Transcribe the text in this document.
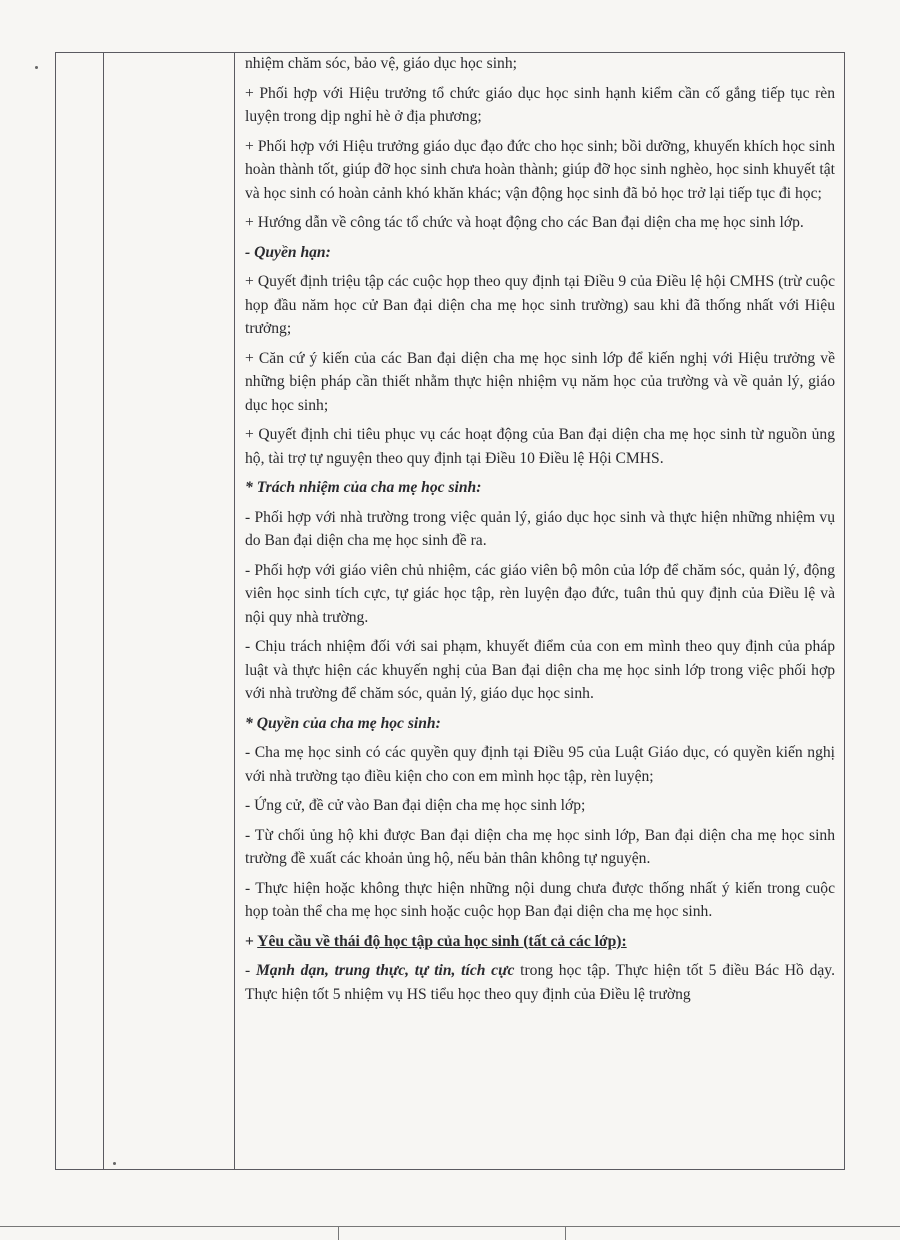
nhiệm chăm sóc, bảo vệ, giáo dục học sinh;

+ Phối hợp với Hiệu trưởng tổ chức giáo dục học sinh hạnh kiểm cần cố gắng tiếp tục rèn luyện trong dịp nghỉ hè ở địa phương;

+ Phối hợp với Hiệu trưởng giáo dục đạo đức cho học sinh; bồi dưỡng, khuyến khích học sinh hoàn thành tốt, giúp đỡ học sinh chưa hoàn thành; giúp đỡ học sinh nghèo, học sinh khuyết tật và học sinh có hoàn cảnh khó khăn khác; vận động học sinh đã bỏ học trở lại tiếp tục đi học;

+ Hướng dẫn về công tác tổ chức và hoạt động cho các Ban đại diện cha mẹ học sinh lớp.

- Quyền hạn:

+ Quyết định triệu tập các cuộc họp theo quy định tại Điều 9 của Điều lệ hội CMHS (trừ cuộc họp đầu năm học cử Ban đại diện cha mẹ học sinh trường) sau khi đã thống nhất với Hiệu trưởng;

+ Căn cứ ý kiến của các Ban đại diện cha mẹ học sinh lớp để kiến nghị với Hiệu trưởng về những biện pháp cần thiết nhằm thực hiện nhiệm vụ năm học của trường và về quản lý, giáo dục học sinh;

+ Quyết định chi tiêu phục vụ các hoạt động của Ban đại diện cha mẹ học sinh từ nguồn ủng hộ, tài trợ tự nguyện theo quy định tại Điều 10 Điều lệ Hội CMHS.

* Trách nhiệm của cha mẹ học sinh:

- Phối hợp với nhà trường trong việc quản lý, giáo dục học sinh và thực hiện những nhiệm vụ do Ban đại diện cha mẹ học sinh đề ra.

- Phối hợp với giáo viên chủ nhiệm, các giáo viên bộ môn của lớp để chăm sóc, quản lý, động viên học sinh tích cực, tự giác học tập, rèn luyện đạo đức, tuân thủ quy định của Điều lệ và nội quy nhà trường.

- Chịu trách nhiệm đối với sai phạm, khuyết điểm của con em mình theo quy định của pháp luật và thực hiện các khuyến nghị của Ban đại diện cha mẹ học sinh lớp trong việc phối hợp với nhà trường để chăm sóc, quản lý, giáo dục học sinh.

* Quyền của cha mẹ học sinh:

- Cha mẹ học sinh có các quyền quy định tại Điều 95 của Luật Giáo dục, có quyền kiến nghị với nhà trường tạo điều kiện cho con em mình học tập, rèn luyện;

- Ứng cử, đề cử vào Ban đại diện cha mẹ học sinh lớp;

- Từ chối ủng hộ khi được Ban đại diện cha mẹ học sinh lớp, Ban đại diện cha mẹ học sinh trường đề xuất các khoản ủng hộ, nếu bản thân không tự nguyện.

- Thực hiện hoặc không thực hiện những nội dung chưa được thống nhất ý kiến trong cuộc họp toàn thể cha mẹ học sinh hoặc cuộc họp Ban đại diện cha mẹ học sinh.

+ Yêu cầu về thái độ học tập của học sinh (tất cả các lớp):

- Mạnh dạn, trung thực, tự tin, tích cực trong học tập. Thực hiện tốt 5 điều Bác Hồ dạy. Thực hiện tốt 5 nhiệm vụ HS tiểu học theo quy định của Điều lệ trường
